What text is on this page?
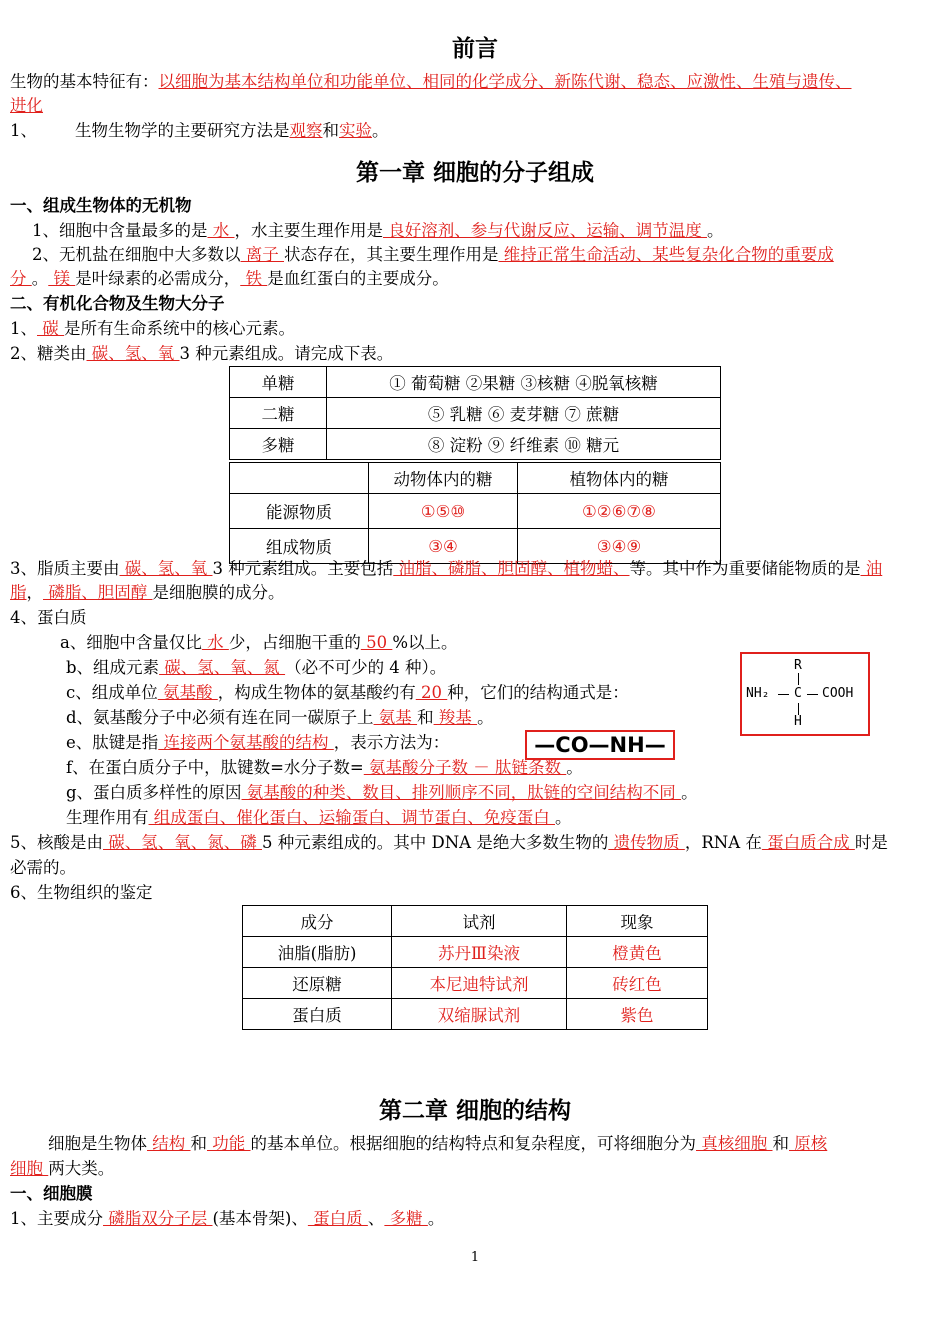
前言
生物的基本特征有：以细胞为基本结构单位和功能单位、相同的化学成分、新陈代谢、稳态、应激性、生殖与遗传、
进化
1、 生物生物学的主要研究方法是观察和实验。
第一章 细胞的分子组成
一、组成生物体的无机物
1、细胞中含量最多的是 水 ，水主要生理作用是 良好溶剂、参与代谢反应、运输、调节温度 。
2、无机盐在细胞中大多数以 离子 状态存在，其主要生理作用是 维持正常生命活动、某些复杂化合物的重要成
分 。 镁 是叶绿素的必需成分， 铁 是血红蛋白的主要成分。
二、有机化合物及生物大分子
1、 碳 是所有生命系统中的核心元素。
2、糖类由 碳、氢、氧 3 种元素组成。请完成下表。
单糖	① 葡萄糖 ②果糖 ③核糖 ④脱氧核糖
二糖	⑤ 乳糖 ⑥ 麦芽糖 ⑦ 蔗糖
多糖	⑧ 淀粉 ⑨ 纤维素 ⑩ 糖元
	动物体内的糖	植物体内的糖
能源物质	①⑤⑩	①②⑥⑦⑧
组成物质	③④	③④⑨
3、脂质主要由 碳、氢、氧 3 种元素组成。主要包括 油脂、磷脂、胆固醇、植物蜡、等。其中作为重要储能物质的是 油
脂， 磷脂、胆固醇 是细胞膜的成分。
4、蛋白质
a、细胞中含量仅比 水 少，占细胞干重的 50 %以上。
b、组成元素 碳、氢、氧、氮 （必不可少的 4 种）。
c、组成单位 氨基酸 ，构成生物体的氨基酸约有 20 种，它们的结构通式是：
d、氨基酸分子中必须有连在同一碳原子上 氨基 和 羧基 。
e、肽键是指 连接两个氨基酸的结构 ，表示方法为：	—CO—NH—
f、在蛋白质分子中，肽键数=水分子数= 氨基酸分子数 － 肽链条数 。
g、蛋白质多样性的原因 氨基酸的种类、数目、排列顺序不同，肽链的空间结构不同 。
生理作用有 组成蛋白、催化蛋白、运输蛋白、调节蛋白、免疫蛋白 。
R
NH₂ C COOH
H
5、核酸是由 碳、氢、氧、氮、磷 5 种元素组成的。其中 DNA 是绝大多数生物的 遗传物质 ，RNA 在 蛋白质合成 时是
必需的。
6、生物组织的鉴定
成分	试剂	现象
油脂(脂肪)	苏丹Ⅲ染液	橙黄色
还原糖	本尼迪特试剂	砖红色
蛋白质	双缩脲试剂	紫色
第二章 细胞的结构
细胞是生物体 结构 和 功能 的基本单位。根据细胞的结构特点和复杂程度，可将细胞分为 真核细胞 和 原核
细胞 两大类。
一、细胞膜
1、主要成分 磷脂双分子层 (基本骨架)、 蛋白质 、 多糖 。
1
